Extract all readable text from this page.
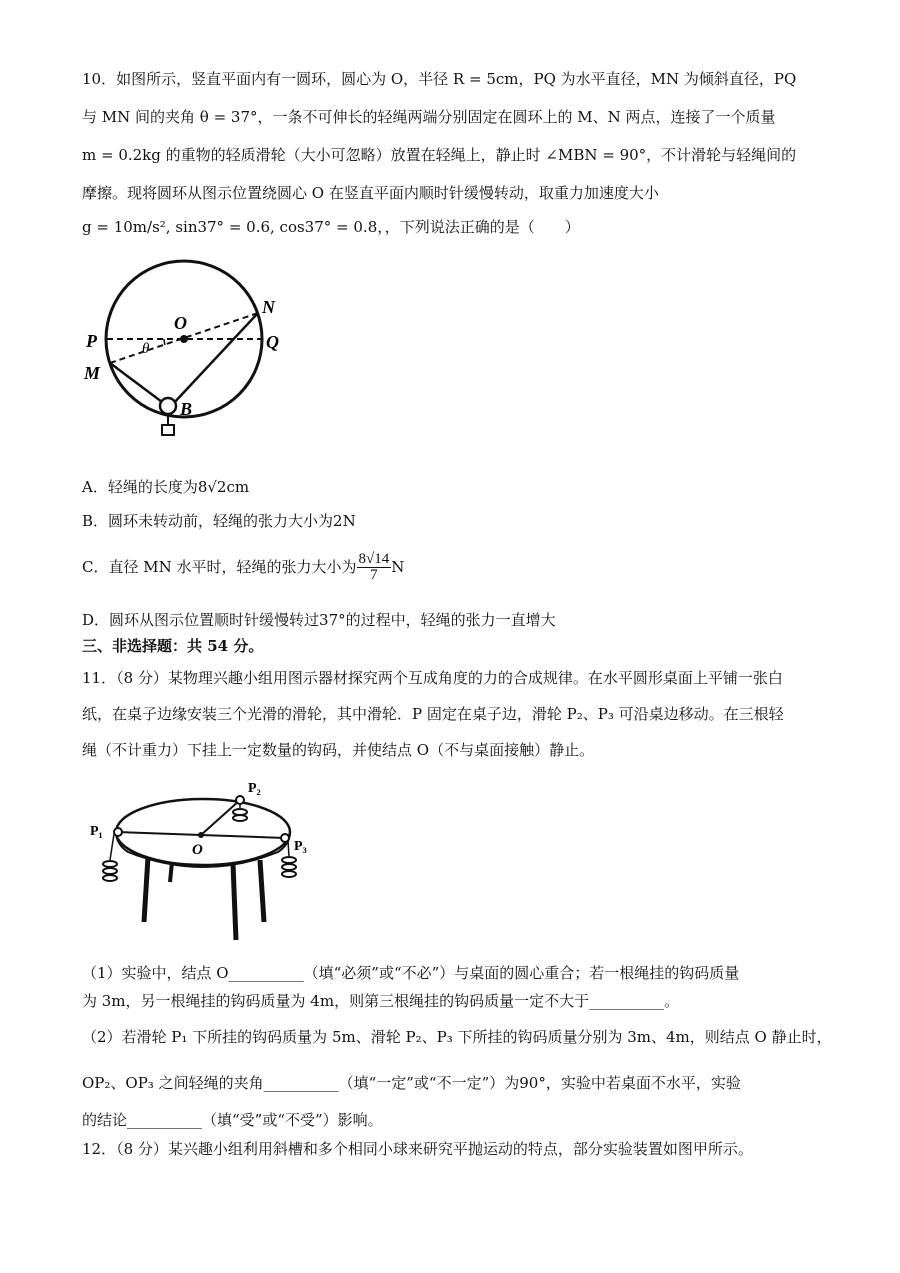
10．如图所示，竖直平面内有一圆环，圆心为 O，半径 R = 5cm，PQ 为水平直径，MN 为倾斜直径，PQ
与 MN 间的夹角 θ = 37°，一条不可伸长的轻绳两端分别固定在圆环上的 M、N 两点，连接了一个质量
m = 0.2kg 的重物的轻质滑轮（大小可忽略）放置在轻绳上，静止时 ∠MBN = 90°，不计滑轮与轻绳间的
摩擦。现将圆环从图示位置绕圆心 O 在竖直平面内顺时针缓慢转动，取重力加速度大小
g = 10m/s², sin37° = 0.6, cos37° = 0.8，，下列说法正确的是（　　）
N
O
P	Q
M
θ
B
A．轻绳的长度为8√2cm
B．圆环未转动前，轻绳的张力大小为2N
C．直径 MN 水平时，轻绳的张力大小为 $\frac{8√14}{7}$ N
D．圆环从图示位置顺时针缓慢转过37°的过程中，轻绳的张力一直增大
三、非选择题：共 54 分。
11．（8 分）某物理兴趣小组用图示器材探究两个互成角度的力的合成规律。在水平圆形桌面上平铺一张白
纸，在桌子边缘安装三个光滑的滑轮，其中滑轮．P 固定在桌子边，滑轮 P₂、P₃ 可沿桌边移动。在三根轻
绳（不计重力）下挂上一定数量的钩码，并使结点 O（不与桌面接触）静止。
P₁
P₂
P₃
O
（1）实验中，结点 O__________（填“必须”或“不必”）与桌面的圆心重合；若一根绳挂的钩码质量
为 3m，另一根绳挂的钩码质量为 4m，则第三根绳挂的钩码质量一定不大于__________。
（2）若滑轮 P₁ 下所挂的钩码质量为 5m、滑轮 P₂、P₃ 下所挂的钩码质量分别为 3m、4m，则结点 O 静止时，
OP₂、OP₃ 之间轻绳的夹角__________（填“一定”或“不一定”）为90°，实验中若桌面不水平，实验
的结论__________（填“受”或“不受”）影响。
12．（8 分）某兴趣小组利用斜槽和多个相同小球来研究平抛运动的特点，部分实验装置如图甲所示。
